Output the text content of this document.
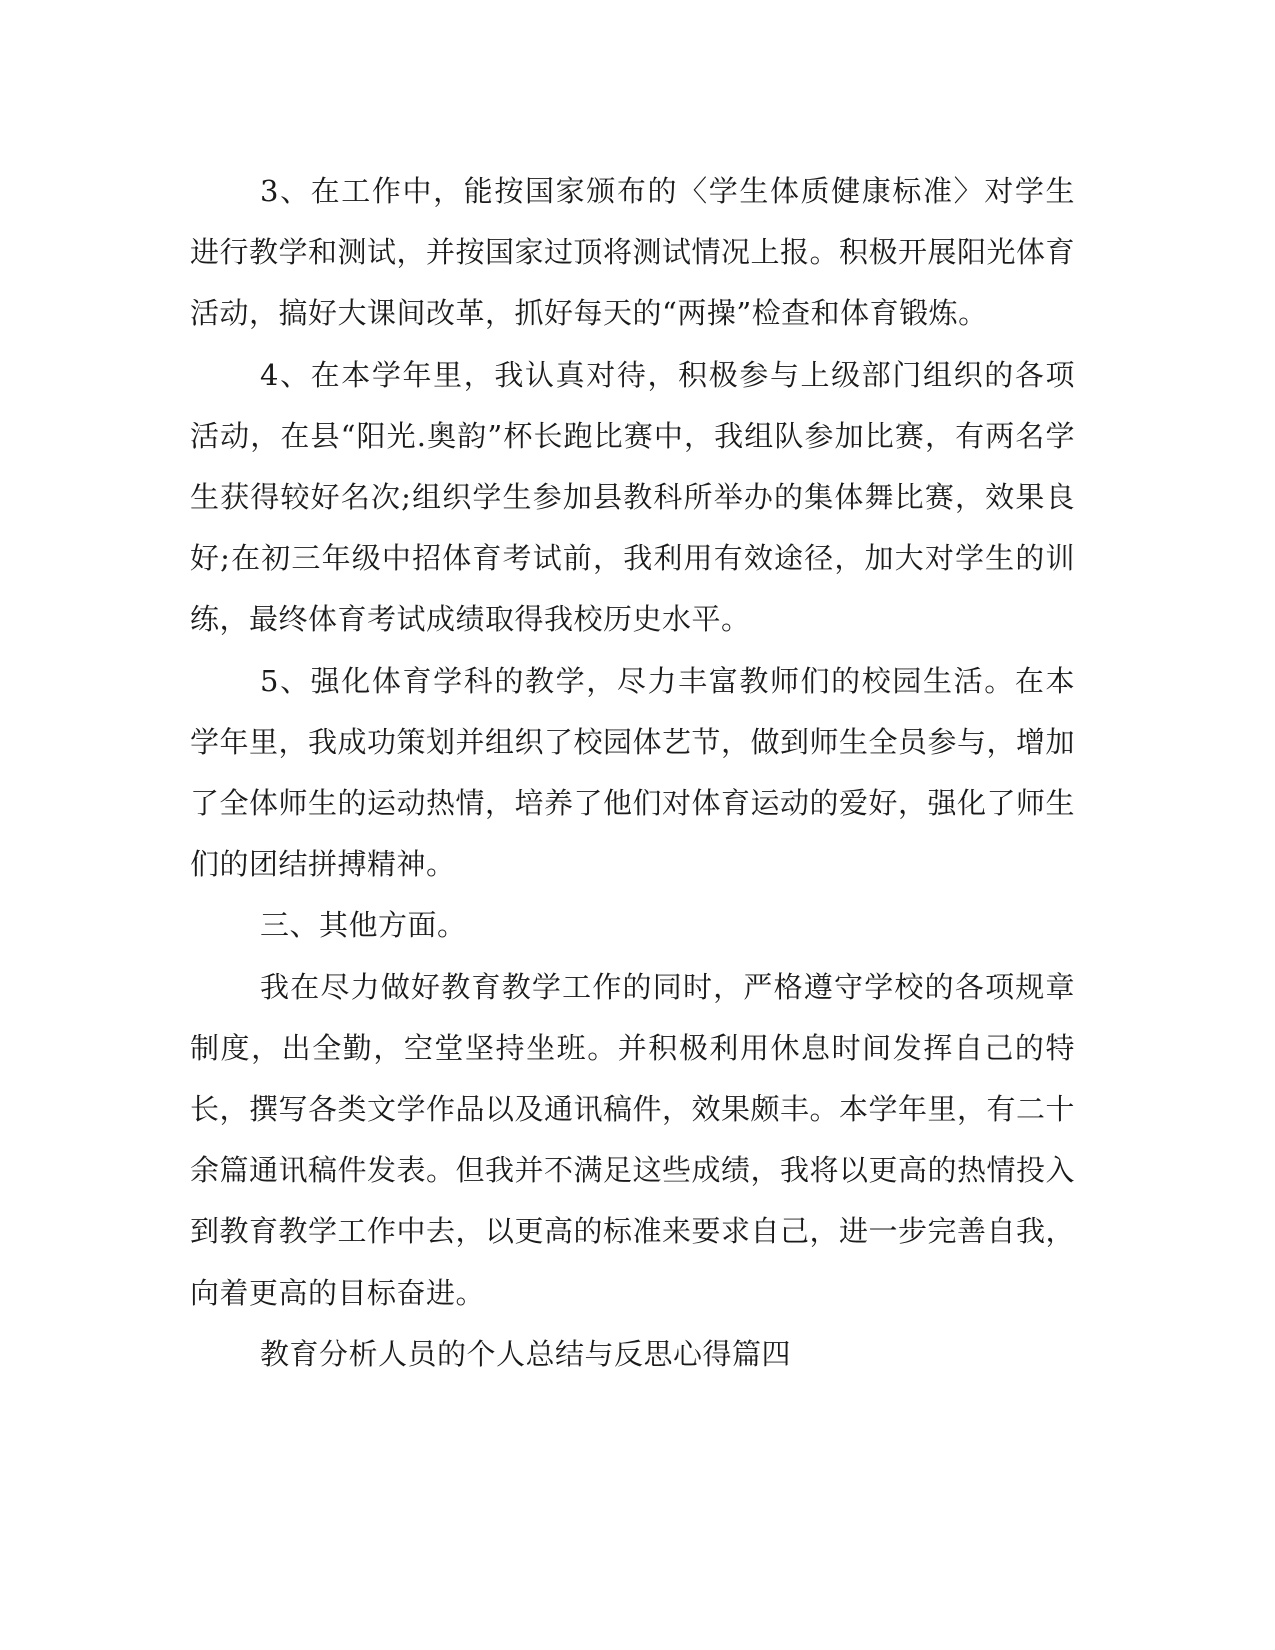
3、在工作中，能按国家颁布的〈学生体质健康标准〉对学生进行教学和测试，并按国家过顶将测试情况上报。积极开展阳光体育活动，搞好大课间改革，抓好每天的“两操”检查和体育锻炼。

4、在本学年里，我认真对待，积极参与上级部门组织的各项活动，在县“阳光.奥韵”杯长跑比赛中，我组队参加比赛，有两名学生获得较好名次;组织学生参加县教科所举办的集体舞比赛，效果良好;在初三年级中招体育考试前，我利用有效途径，加大对学生的训练，最终体育考试成绩取得我校历史水平。

5、强化体育学科的教学，尽力丰富教师们的校园生活。在本学年里，我成功策划并组织了校园体艺节，做到师生全员参与，增加了全体师生的运动热情，培养了他们对体育运动的爱好，强化了师生们的团结拼搏精神。

三、其他方面。

我在尽力做好教育教学工作的同时，严格遵守学校的各项规章制度，出全勤，空堂坚持坐班。并积极利用休息时间发挥自己的特长，撰写各类文学作品以及通讯稿件，效果颇丰。本学年里，有二十余篇通讯稿件发表。但我并不满足这些成绩，我将以更高的热情投入到教育教学工作中去，以更高的标准来要求自己，进一步完善自我，向着更高的目标奋进。

教育分析人员的个人总结与反思心得篇四
